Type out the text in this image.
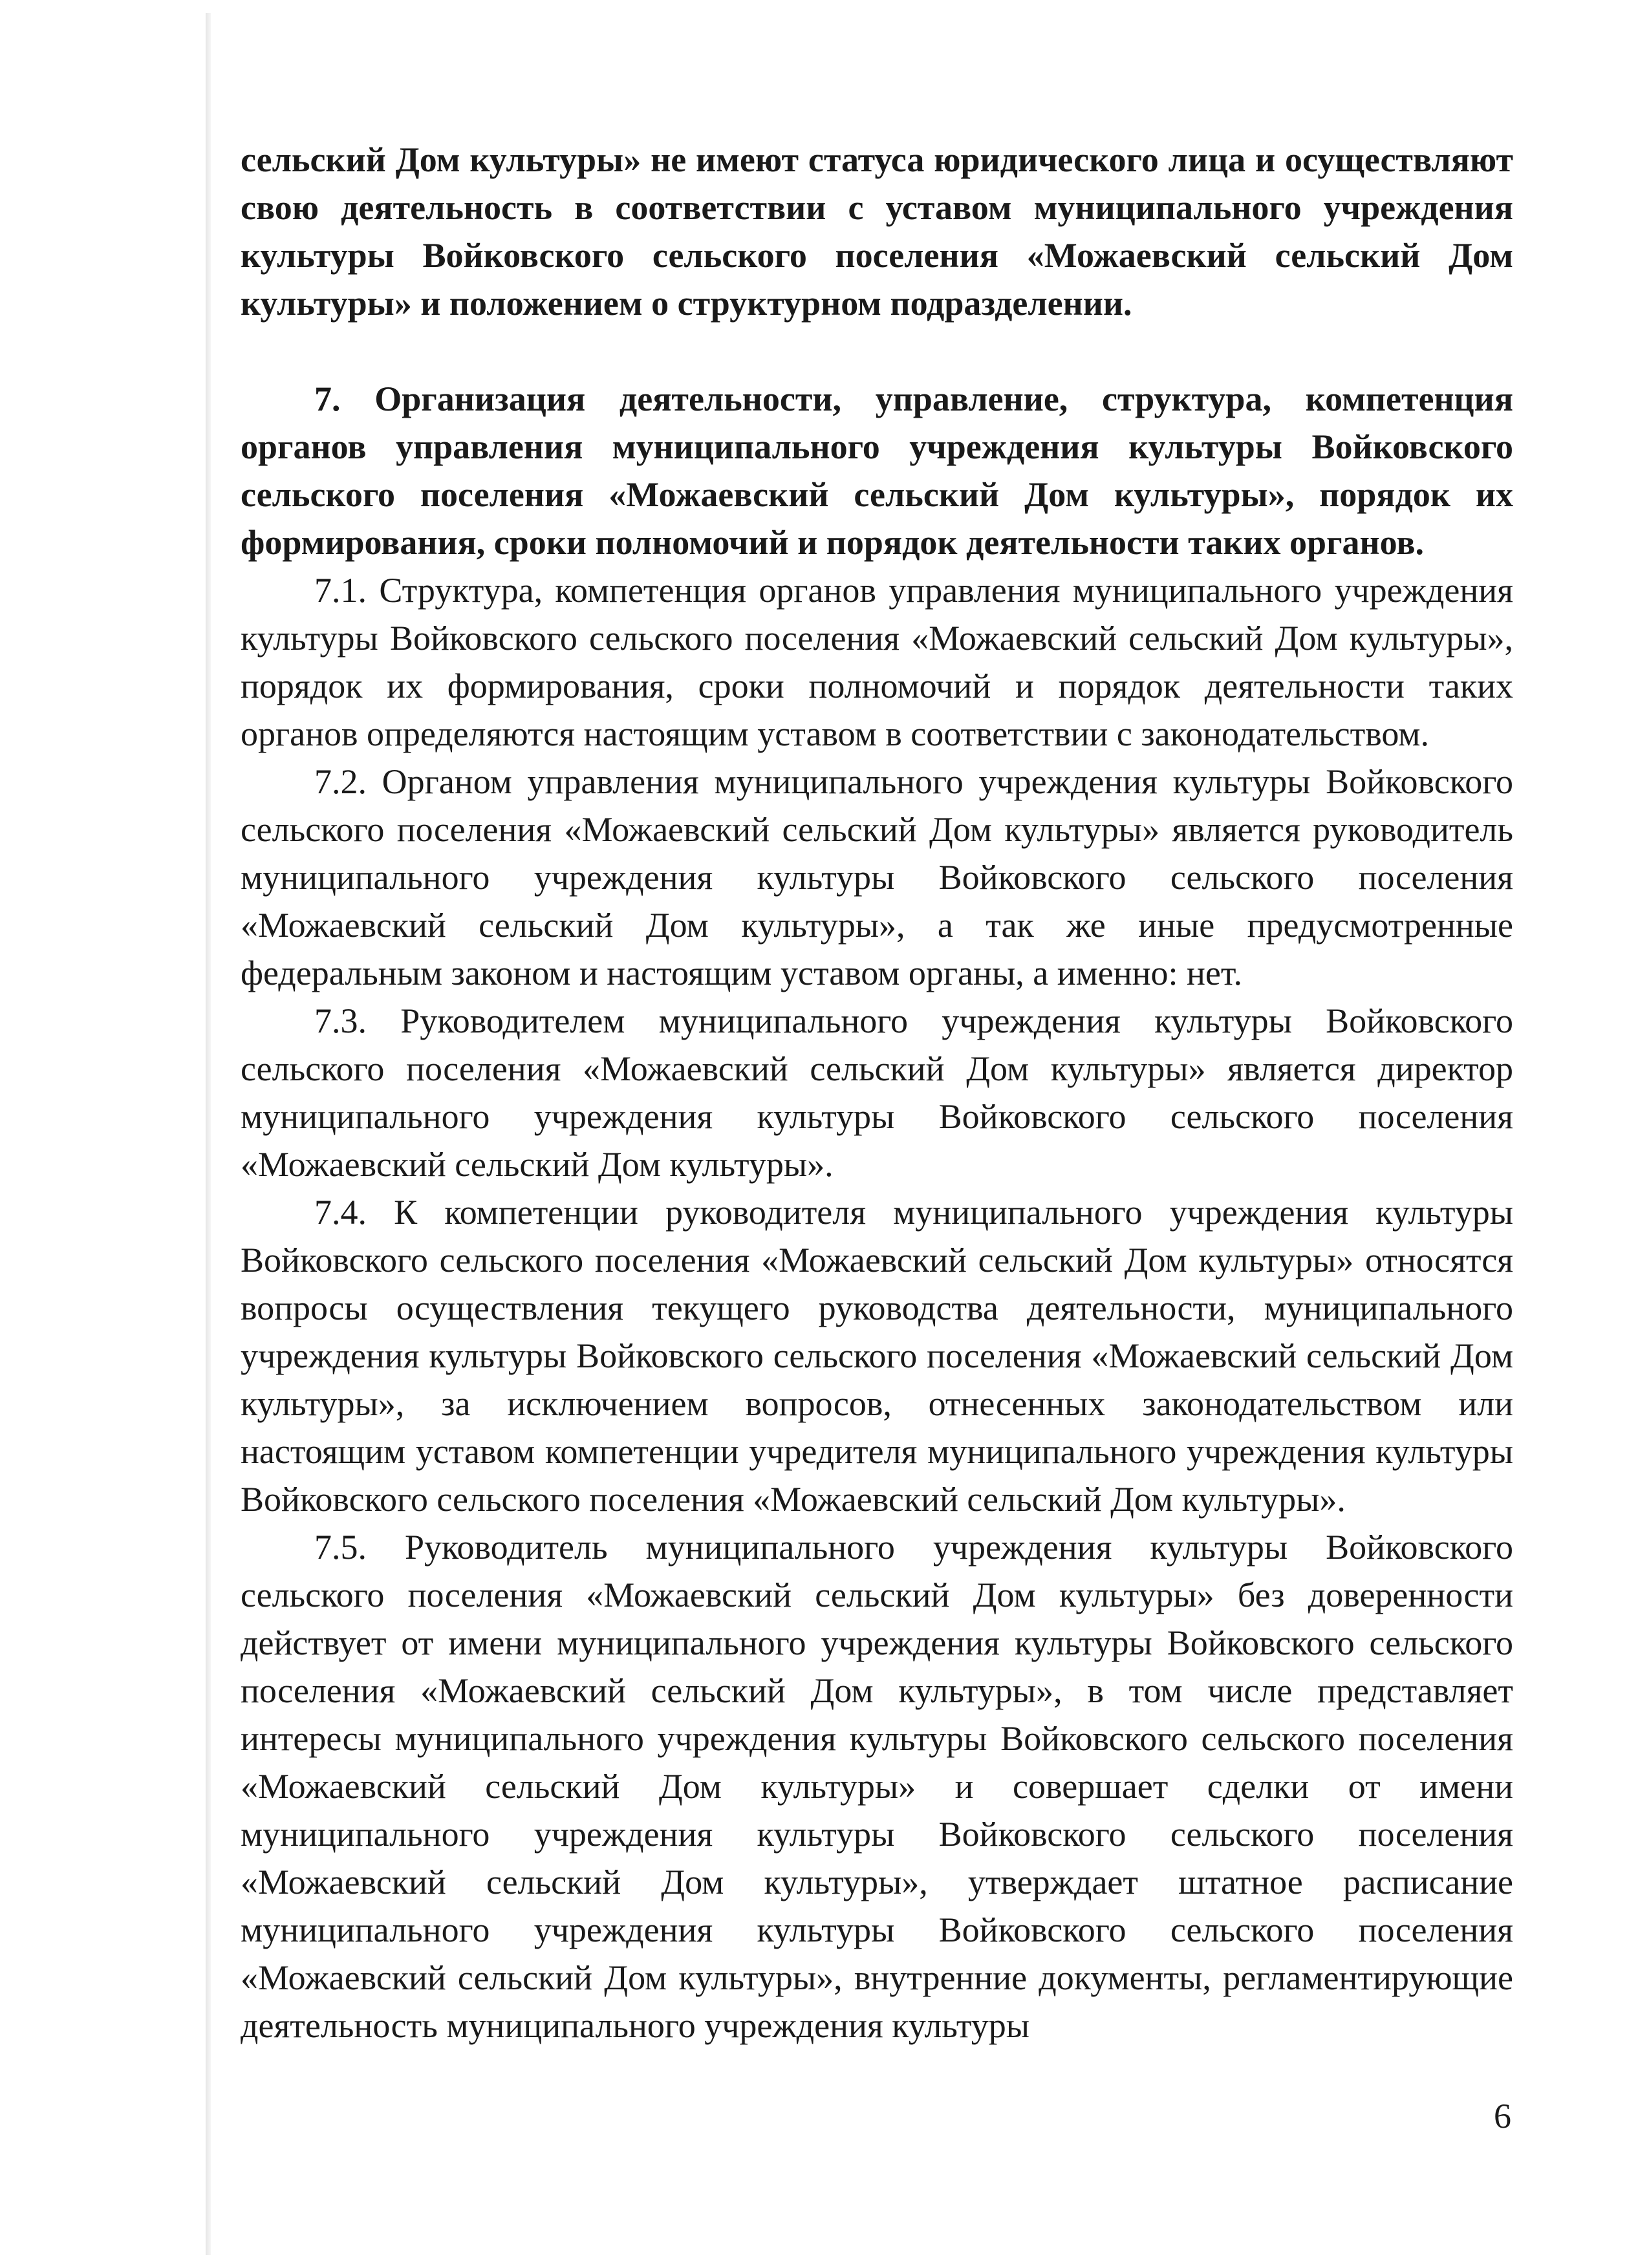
сельский Дом культуры» не имеют статуса юридического лица и осуществляют свою деятельность в соответствии с уставом муниципального учреждения культуры Войковского сельского поселения «Можаевский сельский Дом культуры» и положением о структурном подразделении.

7. Организация деятельности, управление, структура, компетенция органов управления муниципального учреждения культуры Войковского сельского поселения «Можаевский сельский Дом культуры», порядок их формирования, сроки полномочий и порядок деятельности таких органов.

7.1. Структура, компетенция органов управления муниципального учреждения культуры Войковского сельского поселения «Можаевский сельский Дом культуры», порядок их формирования, сроки полномочий и порядок деятельности таких органов определяются настоящим уставом в соответствии с законодательством.

7.2. Органом управления муниципального учреждения культуры Войковского сельского поселения «Можаевский сельский Дом культуры» является руководитель муниципального учреждения культуры Войковского сельского поселения «Можаевский сельский Дом культуры», а так же иные предусмотренные федеральным законом и настоящим уставом органы, а именно: нет.

7.3. Руководителем муниципального учреждения культуры Войковского сельского поселения «Можаевский сельский Дом культуры» является директор муниципального учреждения культуры Войковского сельского поселения «Можаевский сельский Дом культуры».

7.4. К компетенции руководителя муниципального учреждения культуры Войковского сельского поселения «Можаевский сельский Дом культуры» относятся вопросы осуществления текущего руководства деятельности, муниципального учреждения культуры Войковского сельского поселения «Можаевский сельский Дом культуры», за исключением вопросов, отнесенных законодательством или настоящим уставом компетенции учредителя муниципального учреждения культуры Войковского сельского поселения «Можаевский сельский Дом культуры».

7.5. Руководитель муниципального учреждения культуры Войковского сельского поселения «Можаевский сельский Дом культуры» без доверенности действует от имени муниципального учреждения культуры Войковского сельского поселения «Можаевский сельский Дом культуры», в том числе представляет интересы муниципального учреждения культуры Войковского сельского поселения «Можаевский сельский Дом культуры» и совершает сделки от имени муниципального учреждения культуры Войковского сельского поселения «Можаевский сельский Дом культуры», утверждает штатное расписание муниципального учреждения культуры Войковского сельского поселения «Можаевский сельский Дом культуры», внутренние документы, регламентирующие деятельность муниципального учреждения культуры

6
